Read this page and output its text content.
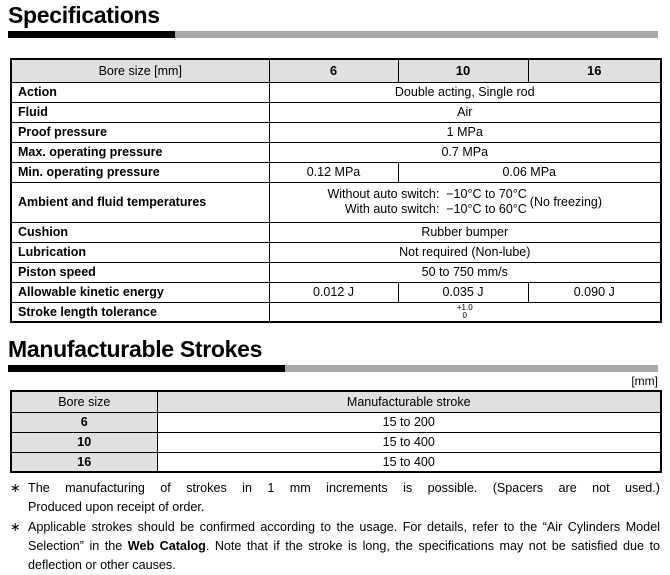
Specifications
Bore size [mm]	6	10	16
Action	Double acting, Single rod		
Fluid	Air		
Proof pressure	1 MPa		
Max. operating pressure	0.7 MPa		
Min. operating pressure	0.12 MPa	0.06 MPa	
Ambient and fluid temperatures	Without auto switch:  −10°C to 70°C
With auto switch:  −10°C to 60°C
(No freezing)		

Cushion	Rubber bumper		
Lubrication	Not required (Non-lube)		
Piston speed	50 to 750 mm/s		
Allowable kinetic energy	0.012 J	0.035 J	0.090 J
Stroke length tolerance	+1.0
0		
Manufacturable Strokes
[mm]
Bore size	Manufacturable stroke
6	15 to 200
10	15 to 400
16	15 to 400
∗ The manufacturing of strokes in 1 mm increments is possible. (Spacers are not used.)
Produced upon receipt of order.
∗ Applicable strokes should be confirmed according to the usage. For details, refer to the “Air Cylinders Model Selection” in the Web Catalog. Note that if the stroke is long, the specifications may not be satisfied due to deflection or other causes.
